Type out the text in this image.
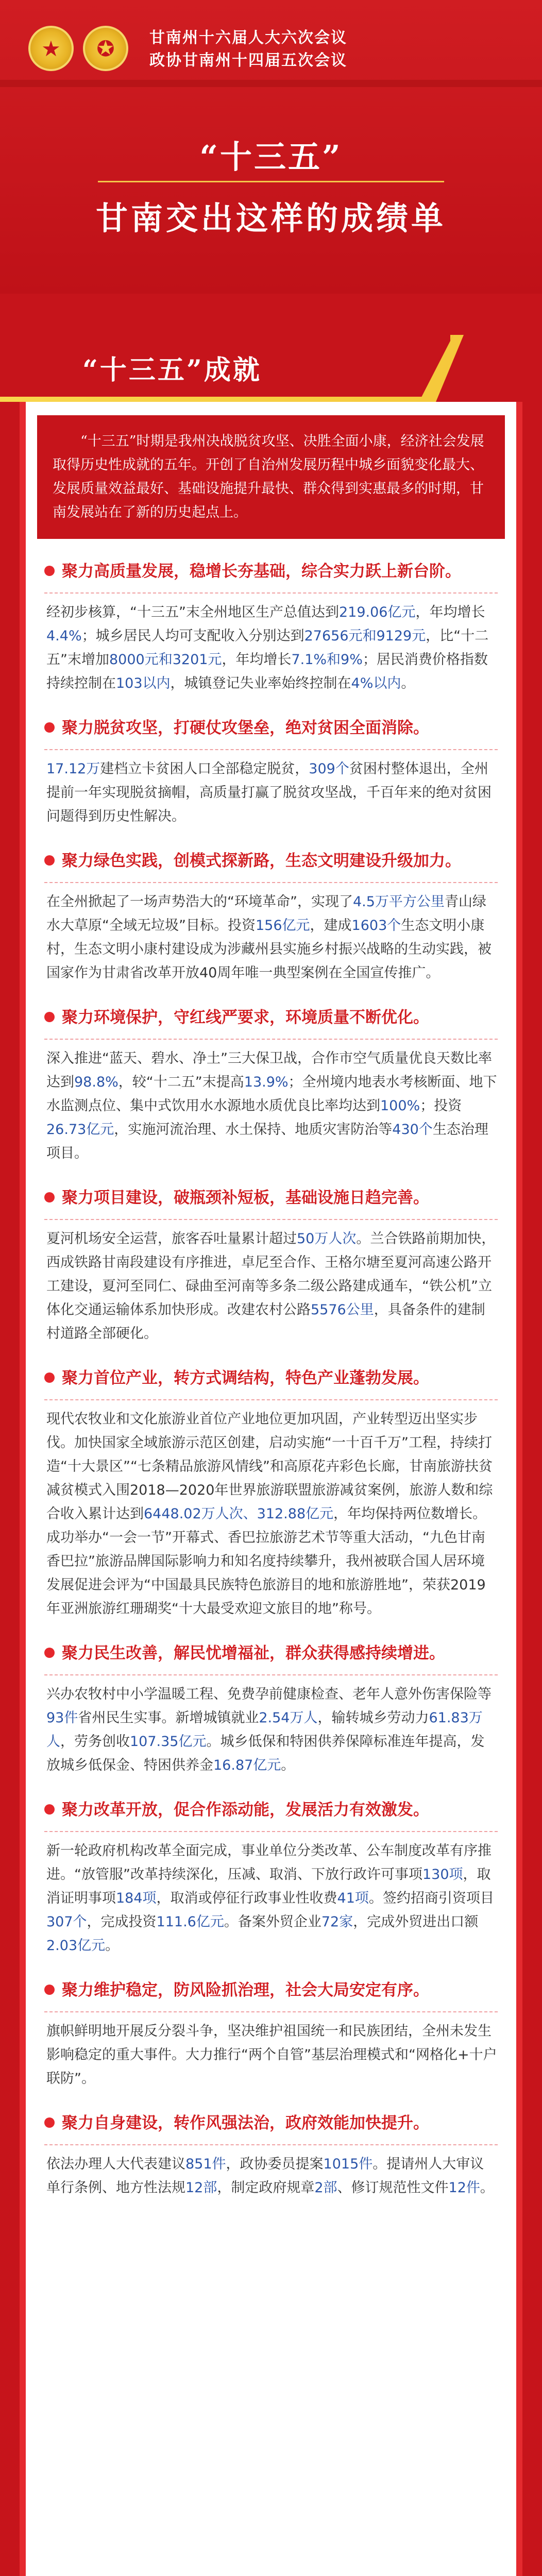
★	✪	甘南州十六届人大六次会议
政协甘南州十四届五次会议
“十三五”
甘南交出这样的成绩单
“十三五”成就
“十三五”时期是我州决战脱贫攻坚、决胜全面小康，经济社会发展取得历史性成就的五年。开创了自治州发展历程中城乡面貌变化最大、发展质量效益最好、基础设施提升最快、群众得到实惠最多的时期，甘南发展站在了新的历史起点上。
聚力高质量发展，稳增长夯基础，综合实力跃上新台阶。
经初步核算，“十三五”末全州地区生产总值达到219.06亿元，年均增长4.4%；城乡居民人均可支配收入分别达到27656元和9129元，比“十二五”末增加8000元和3201元，年均增长7.1%和9%；居民消费价格指数持续控制在103以内，城镇登记失业率始终控制在4%以内。
聚力脱贫攻坚，打硬仗攻堡垒，绝对贫困全面消除。
17.12万建档立卡贫困人口全部稳定脱贫，309个贫困村整体退出，全州提前一年实现脱贫摘帽，高质量打赢了脱贫攻坚战，千百年来的绝对贫困问题得到历史性解决。
聚力绿色实践，创模式探新路，生态文明建设升级加力。
在全州掀起了一场声势浩大的“环境革命”，实现了4.5万平方公里青山绿水大草原“全域无垃圾”目标。投资156亿元，建成1603个生态文明小康村，生态文明小康村建设成为涉藏州县实施乡村振兴战略的生动实践，被国家作为甘肃省改革开放40周年唯一典型案例在全国宣传推广。
聚力环境保护，守红线严要求，环境质量不断优化。
深入推进“蓝天、碧水、净土”三大保卫战，合作市空气质量优良天数比率达到98.8%，较“十二五”末提高13.9%；全州境内地表水考核断面、地下水监测点位、集中式饮用水水源地水质优良比率均达到100%；投资26.73亿元，实施河流治理、水土保持、地质灾害防治等430个生态治理项目。
聚力项目建设，破瓶颈补短板，基础设施日趋完善。
夏河机场安全运营，旅客吞吐量累计超过50万人次。兰合铁路前期加快，西成铁路甘南段建设有序推进，卓尼至合作、王格尔塘至夏河高速公路开工建设，夏河至同仁、碌曲至河南等多条二级公路建成通车，“铁公机”立体化交通运输体系加快形成。改建农村公路5576公里，具备条件的建制村道路全部硬化。
聚力首位产业，转方式调结构，特色产业蓬勃发展。
现代农牧业和文化旅游业首位产业地位更加巩固，产业转型迈出坚实步伐。加快国家全域旅游示范区创建，启动实施“一十百千万”工程，持续打造“十大景区”“七条精品旅游风情线”和高原花卉彩色长廊，甘南旅游扶贫减贫模式入围2018—2020年世界旅游联盟旅游减贫案例，旅游人数和综合收入累计达到6448.02万人次、312.88亿元，年均保持两位数增长。成功举办“一会一节”开幕式、香巴拉旅游艺术节等重大活动，“九色甘南香巴拉”旅游品牌国际影响力和知名度持续攀升，我州被联合国人居环境发展促进会评为“中国最具民族特色旅游目的地和旅游胜地”，荣获2019年亚洲旅游红珊瑚奖“十大最受欢迎文旅目的地”称号。
聚力民生改善，解民忧增福祉，群众获得感持续增进。
兴办农牧村中小学温暖工程、免费孕前健康检查、老年人意外伤害保险等93件省州民生实事。新增城镇就业2.54万人，输转城乡劳动力61.83万人，劳务创收107.35亿元。城乡低保和特困供养保障标准连年提高，发放城乡低保金、特困供养金16.87亿元。
聚力改革开放，促合作添动能，发展活力有效激发。
新一轮政府机构改革全面完成，事业单位分类改革、公车制度改革有序推进。“放管服”改革持续深化，压减、取消、下放行政许可事项130项，取消证明事项184项，取消或停征行政事业性收费41项。签约招商引资项目307个，完成投资111.6亿元。备案外贸企业72家，完成外贸进出口额2.03亿元。
聚力维护稳定，防风险抓治理，社会大局安定有序。
旗帜鲜明地开展反分裂斗争，坚决维护祖国统一和民族团结，全州未发生影响稳定的重大事件。大力推行“两个自管”基层治理模式和“网格化+十户联防”。
聚力自身建设，转作风强法治，政府效能加快提升。
依法办理人大代表建议851件，政协委员提案1015件。提请州人大审议单行条例、地方性法规12部，制定政府规章2部、修订规范性文件12件。
